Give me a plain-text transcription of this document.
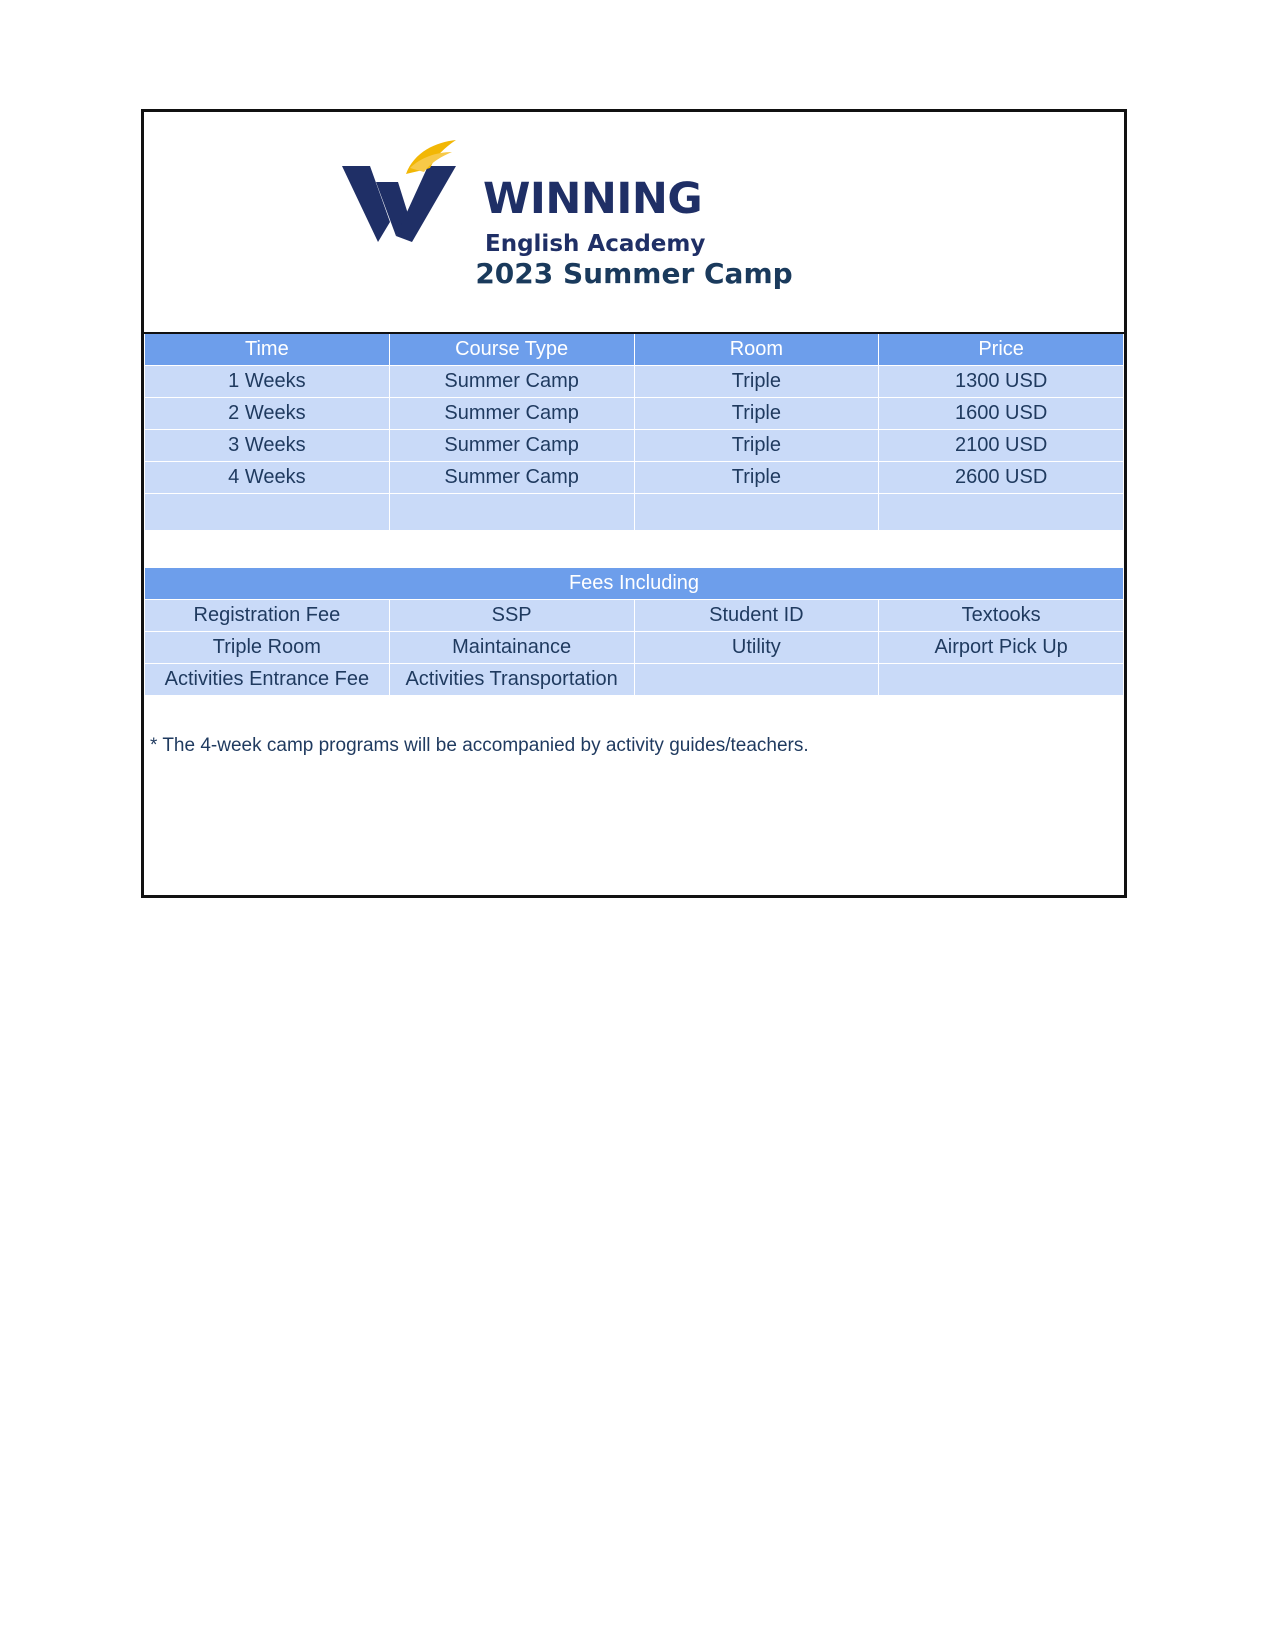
WINNING
English Academy
2023 Summer Camp
Time	Course Type	Room	Price
1 Weeks	Summer Camp	Triple	1300 USD
2 Weeks	Summer Camp	Triple	1600 USD
3 Weeks	Summer Camp	Triple	2100 USD
4 Weeks	Summer Camp	Triple	2600 USD

Fees Including			
Registration Fee	SSP	Student ID	Textooks
Triple Room	Maintainance	Utility	Airport Pick Up
Activities Entrance Fee	Activities Transportation		
* The 4-week camp programs will be accompanied by activity guides/teachers.
